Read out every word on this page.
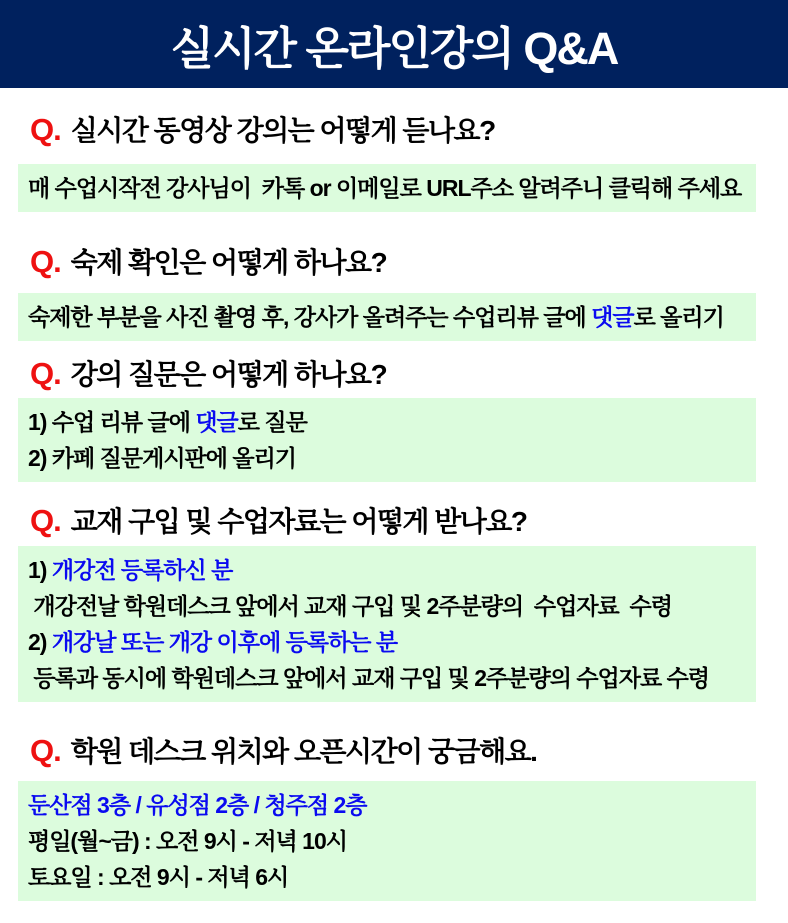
실시간 온라인강의 Q&A
Q. 실시간 동영상 강의는 어떻게 듣나요?
매 수업시작전 강사님이  카톡 or 이메일로 URL주소 알려주니 클릭해 주세요
Q. 숙제 확인은 어떻게 하나요?
숙제한 부분을 사진 촬영 후, 강사가 올려주는 수업리뷰 글에 댓글로 올리기
Q. 강의 질문은 어떻게 하나요?
1) 수업 리뷰 글에 댓글로 질문
2) 카페 질문게시판에 올리기
Q. 교재 구입 및 수업자료는 어떻게 받나요?
1) 개강전 등록하신 분
개강전날 학원데스크 앞에서 교재 구입 및 2주분량의  수업자료  수령
2) 개강날 또는 개강 이후에 등록하는 분
등록과 동시에 학원데스크 앞에서 교재 구입 및 2주분량의 수업자료 수령
Q. 학원 데스크 위치와 오픈시간이 궁금해요.
둔산점 3층 / 유성점 2층 / 청주점 2층
평일(월~금) : 오전 9시 - 저녁 10시
토요일 : 오전 9시 - 저녁 6시
